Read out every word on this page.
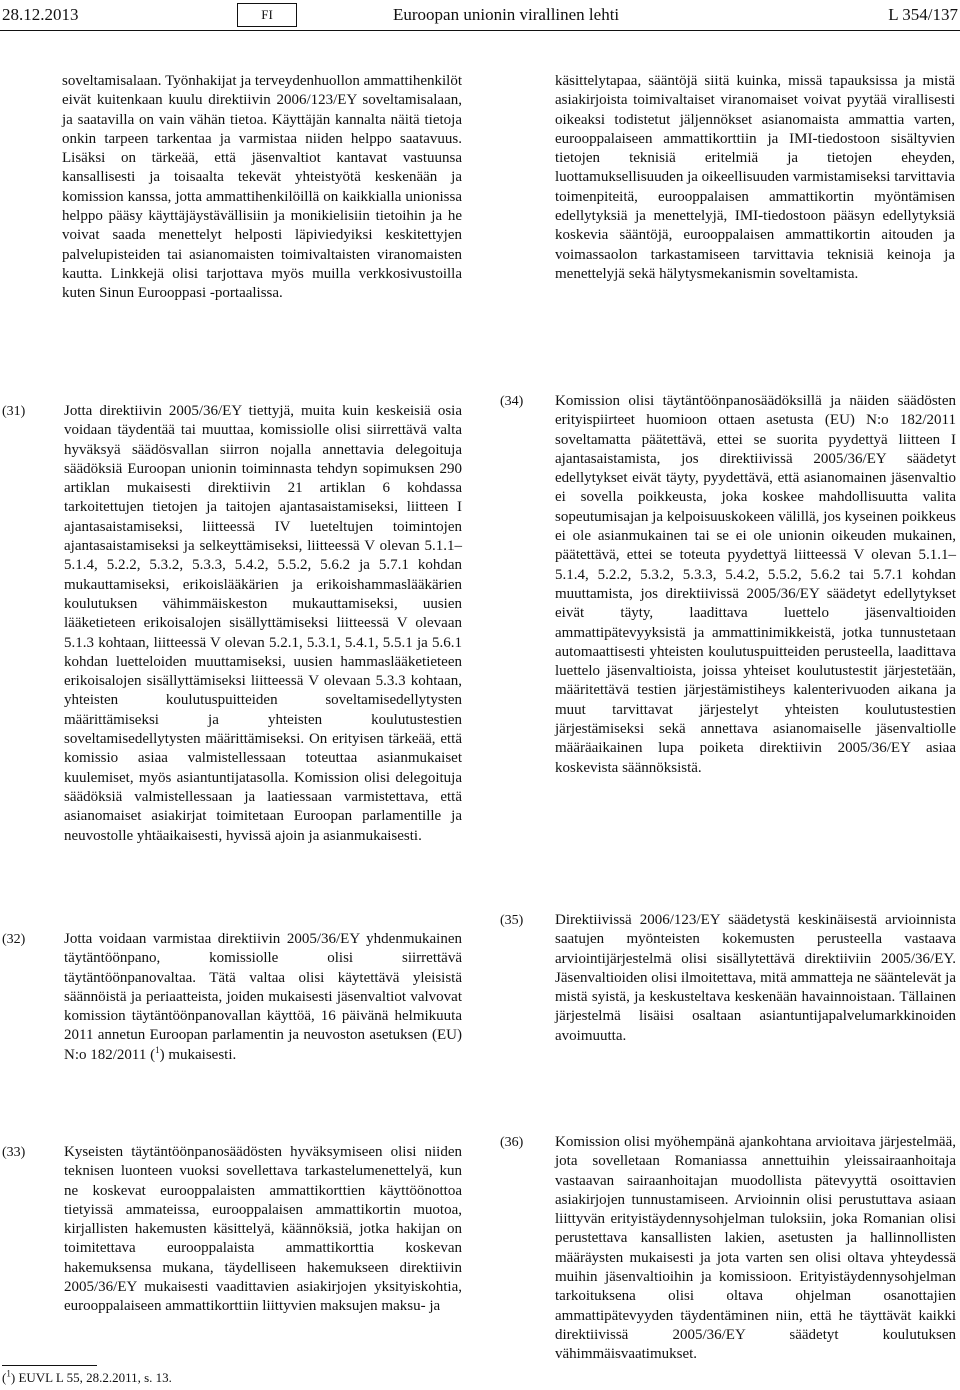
28.12.2013	FI	Euroopan unionin virallinen lehti	L 354/137

soveltamisalaan. Työnhakijat ja terveydenhuollon ammattihenkilöt eivät kuitenkaan kuulu direktiivin 2006/123/EY soveltamisalaan, ja saatavilla on vain vähän tietoa. Käyttäjän kannalta näitä tietoja onkin tarpeen tarkentaa ja varmistaa niiden helppo saatavuus. Lisäksi on tärkeää, että jäsenvaltiot kantavat vastuunsa kansallisesti ja toisaalta tekevät yhteistyötä keskenään ja komission kanssa, jotta ammattihenkilöillä on kaikkialla unionissa helppo pääsy käyttäjäystävällisiin ja monikielisiin tietoihin ja he voivat saada menettelyt helposti läpiviedyiksi keskitettyjen palvelupisteiden tai asianomaisten toimivaltaisten viranomaisten kautta. Linkkejä olisi tarjottava myös muilla verkkosivustoilla kuten Sinun Eurooppasi -portaalissa.

käsittelytapaa, sääntöjä siitä kuinka, missä tapauksissa ja mistä asiakirjoista toimivaltaiset viranomaiset voivat pyytää virallisesti oikeaksi todistetut jäljennökset asianomaista ammattia varten, eurooppalaiseen ammattikorttiin ja IMI-tiedostoon sisältyvien tietojen teknisiä eritelmiä ja tietojen eheyden, luottamuksellisuuden ja oikeellisuuden varmistamiseksi tarvittavia toimenpiteitä, eurooppalaisen ammattikortin myöntämisen edellytyksiä ja menettelyjä, IMI-tiedostoon pääsyn edellytyksiä koskevia sääntöjä, eurooppalaisen ammattikortin aitouden ja voimassaolon tarkastamiseen tarvittavia teknisiä keinoja ja menettelyjä sekä hälytysmekanismin soveltamista.

(31)	Jotta direktiivin 2005/36/EY tiettyjä, muita kuin keskeisiä osia voidaan täydentää tai muuttaa, komissiolle olisi siirrettävä valta hyväksyä säädösvallan siirron nojalla annettavia delegoituja säädöksiä Euroopan unionin toiminnasta tehdyn sopimuksen 290 artiklan mukaisesti direktiivin 21 artiklan 6 kohdassa tarkoitettujen tietojen ja taitojen ajantasaistamiseksi, liitteen I ajantasaistamiseksi, liitteessä IV lueteltujen toimintojen ajantasaistamiseksi ja selkeyttämiseksi, liitteessä V olevan 5.1.1–5.1.4, 5.2.2, 5.3.2, 5.3.3, 5.4.2, 5.5.2, 5.6.2 ja 5.7.1 kohdan mukauttamiseksi, erikoislääkärien ja erikoishammaslääkärien koulutuksen vähimmäiskeston mukauttamiseksi, uusien lääketieteen erikoisalojen sisällyttämiseksi liitteessä V olevaan 5.1.3 kohtaan, liitteessä V olevan 5.2.1, 5.3.1, 5.4.1, 5.5.1 ja 5.6.1 kohdan luetteloiden muuttamiseksi, uusien hammaslääketieteen erikoisalojen sisällyttämiseksi liitteessä V olevaan 5.3.3 kohtaan, yhteisten koulutuspuitteiden soveltamisedellytysten määrittämiseksi ja yhteisten koulutustestien soveltamisedellytysten määrittämiseksi. On erityisen tärkeää, että komissio asiaa valmistellessaan toteuttaa asianmukaiset kuulemiset, myös asiantuntijatasolla. Komission olisi delegoituja säädöksiä valmistellessaan ja laatiessaan varmistettava, että asianomaiset asiakirjat toimitetaan Euroopan parlamentille ja neuvostolle yhtäaikaisesti, hyvissä ajoin ja asianmukaisesti.
(32)	Jotta voidaan varmistaa direktiivin 2005/36/EY yhdenmukainen täytäntöönpano, komissiolle olisi siirrettävä täytäntöönpanovaltaa. Tätä valtaa olisi käytettävä yleisistä säännöistä ja periaatteista, joiden mukaisesti jäsenvaltiot valvovat komission täytäntöönpanovallan käyttöä, 16 päivänä helmikuuta 2011 annetun Euroopan parlamentin ja neuvoston asetuksen (EU) N:o 182/2011 ($^1$) mukaisesti.
(33)	Kyseisten täytäntöönpanosäädösten hyväksymiseen olisi niiden teknisen luonteen vuoksi sovellettava tarkastelumenettelyä, kun ne koskevat eurooppalaisten ammattikorttien käyttöönottoa tietyissä ammateissa, eurooppalaisen ammattikortin muotoa, kirjallisten hakemusten käsittelyä, käännöksiä, jotka hakijan on toimitettava eurooppalaista ammattikorttia koskevan hakemuksensa mukana, täydelliseen hakemukseen direktiivin 2005/36/EY mukaisesti vaadittavien asiakirjojen yksityiskohtia, eurooppalaiseen ammattikorttiin liittyvien maksujen maksu- ja
(34) Komission olisi täytäntöönpanosäädöksillä ja näiden säädösten erityispiirteet huomioon ottaen asetusta (EU) N:o 182/2011 soveltamatta päätettävä, ettei se suorita pyydettyä liitteen I ajantasaistamista, jos direktiivissä 2005/36/EY säädetyt edellytykset eivät täyty, pyydettävä, että asianomainen jäsenvaltio ei sovella poikkeusta, joka koskee mahdollisuutta valita sopeutumisajan ja kelpoisuuskokeen välillä, jos kyseinen poikkeus ei ole asianmukainen tai se ei ole unionin oikeuden mukainen, päätettävä, ettei se toteuta pyydettyä liitteessä V olevan 5.1.1–5.1.4, 5.2.2, 5.3.2, 5.3.3, 5.4.2, 5.5.2, 5.6.2 tai 5.7.1 kohdan muuttamista, jos direktiivissä 2005/36/EY säädetyt edellytykset eivät täyty, laadittava luettelo jäsenvaltioiden ammattipätevyyksistä ja ammattinimikkeistä, jotka tunnustetaan automaattisesti yhteisten koulutuspuitteiden perusteella, laadittava luettelo jäsenvaltioista, joissa yhteiset koulutustestit järjestetään, määritettävä testien järjestämistiheys kalenterivuoden aikana ja muut tarvittavat järjestelyt yhteisten koulutustestien järjestämiseksi sekä annettava asianomaiselle jäsenvaltiolle määräaikainen lupa poiketa direktiivin 2005/36/EY asiaa koskevista säännöksistä.
(35) Direktiivissä 2006/123/EY säädetystä keskinäisestä arvioinnista saatujen myönteisten kokemusten perusteella vastaava arviointijärjestelmä olisi sisällytettävä direktiiviin 2005/36/EY. Jäsenvaltioiden olisi ilmoitettava, mitä ammatteja ne sääntelevät ja mistä syistä, ja keskusteltava keskenään havainnoistaan. Tällainen järjestelmä lisäisi osaltaan asiantuntijapalvelumarkkinoiden avoimuutta.
(36) Komission olisi myöhempänä ajankohtana arvioitava järjestelmää, jota sovelletaan Romaniassa annettuihin yleissairaanhoitaja vastaavan sairaanhoitajan muodollista pätevyyttä osoittavien asiakirjojen tunnustamiseen. Arvioinnin olisi perustuttava asiaan liittyvän erityistäydennysohjelman tuloksiin, joka Romanian olisi perustettava kansallisten lakien, asetusten ja hallinnollisten määräysten mukaisesti ja jota varten sen olisi oltava yhteydessä muihin jäsenvaltioihin ja komissioon. Erityistäydennysohjelman tarkoituksena olisi oltava ohjelman osanottajien ammattipätevyyden täydentäminen niin, että he täyttävät kaikki direktiivissä 2005/36/EY säädetyt koulutuksen vähimmäisvaatimukset.
($^1$) EUVL L 55, 28.2.2011, s. 13.
